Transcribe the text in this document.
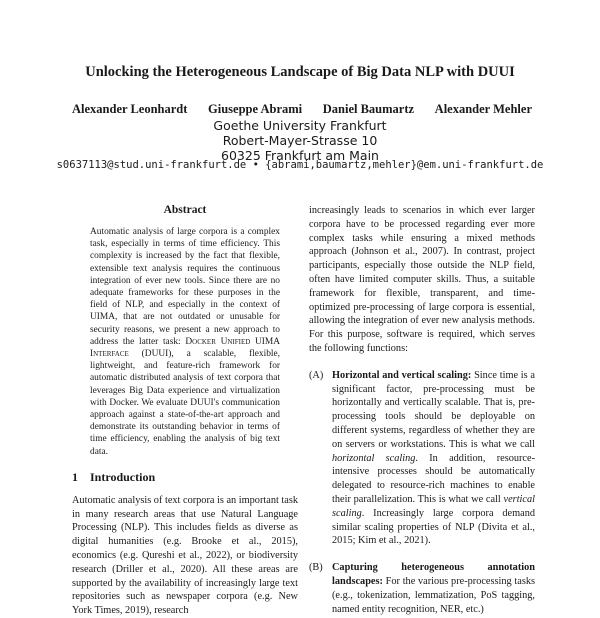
Unlocking the Heterogeneous Landscape of Big Data NLP with DUUI
Alexander Leonhardt Giuseppe Abrami Daniel Baumartz Alexander Mehler
Goethe University Frankfurt
Robert-Mayer-Strasse 10
60325 Frankfurt am Main
s0637113@stud.uni-frankfurt.de • {abrami,baumartz,mehler}@em.uni-frankfurt.de
Abstract

Automatic analysis of large corpora is a complex task, especially in terms of time efficiency. This complexity is increased by the fact that flexible, extensible text analysis requires the continuous integration of ever new tools. Since there are no adequate frameworks for these purposes in the field of NLP, and especially in the context of UIMA, that are not outdated or unusable for security reasons, we present a new approach to address the latter task: Docker Unified UIMA Interface (DUUI), a scalable, flexible, lightweight, and feature-rich framework for automatic distributed analysis of text corpora that leverages Big Data experience and virtualization with Docker. We evaluate DUUI's communication approach against a state-of-the-art approach and demonstrate its outstanding behavior in terms of time efficiency, enabling the analysis of big text data.

1 Introduction

Automatic analysis of text corpora is an important task in many research areas that use Natural Language Processing (NLP). This includes fields as diverse as digital humanities (e.g. Brooke et al., 2015), economics (e.g. Qureshi et al., 2022), or biodiversity research (Driller et al., 2020). All these areas are supported by the availability of increasingly large text repositories such as newspaper corpora (e.g. New York Times, 2019), research

increasingly leads to scenarios in which ever larger corpora have to be processed regarding ever more complex tasks while ensuring a mixed methods approach (Johnson et al., 2007). In contrast, project participants, especially those outside the NLP field, often have limited computer skills. Thus, a suitable framework for flexible, transparent, and time-optimized pre-processing of large corpora is essential, allowing the integration of ever new analysis methods. For this purpose, software is required, which serves the following functions:

(A) Horizontal and vertical scaling: Since time is a significant factor, pre-processing must be horizontally and vertically scalable. That is, pre-processing tools should be deployable on different systems, regardless of whether they are on servers or workstations. This is what we call horizontal scaling. In addition, resource-intensive processes should be automatically delegated to resource-rich machines to enable their parallelization. This is what we call vertical scaling. Increasingly large corpora demand similar scaling properties of NLP (Divita et al., 2015; Kim et al., 2021).
(B) Capturing heterogeneous annotation landscapes: For the various pre-processing tasks (e.g., tokenization, lemmatization, PoS tagging, named entity recognition, NER, etc.)
